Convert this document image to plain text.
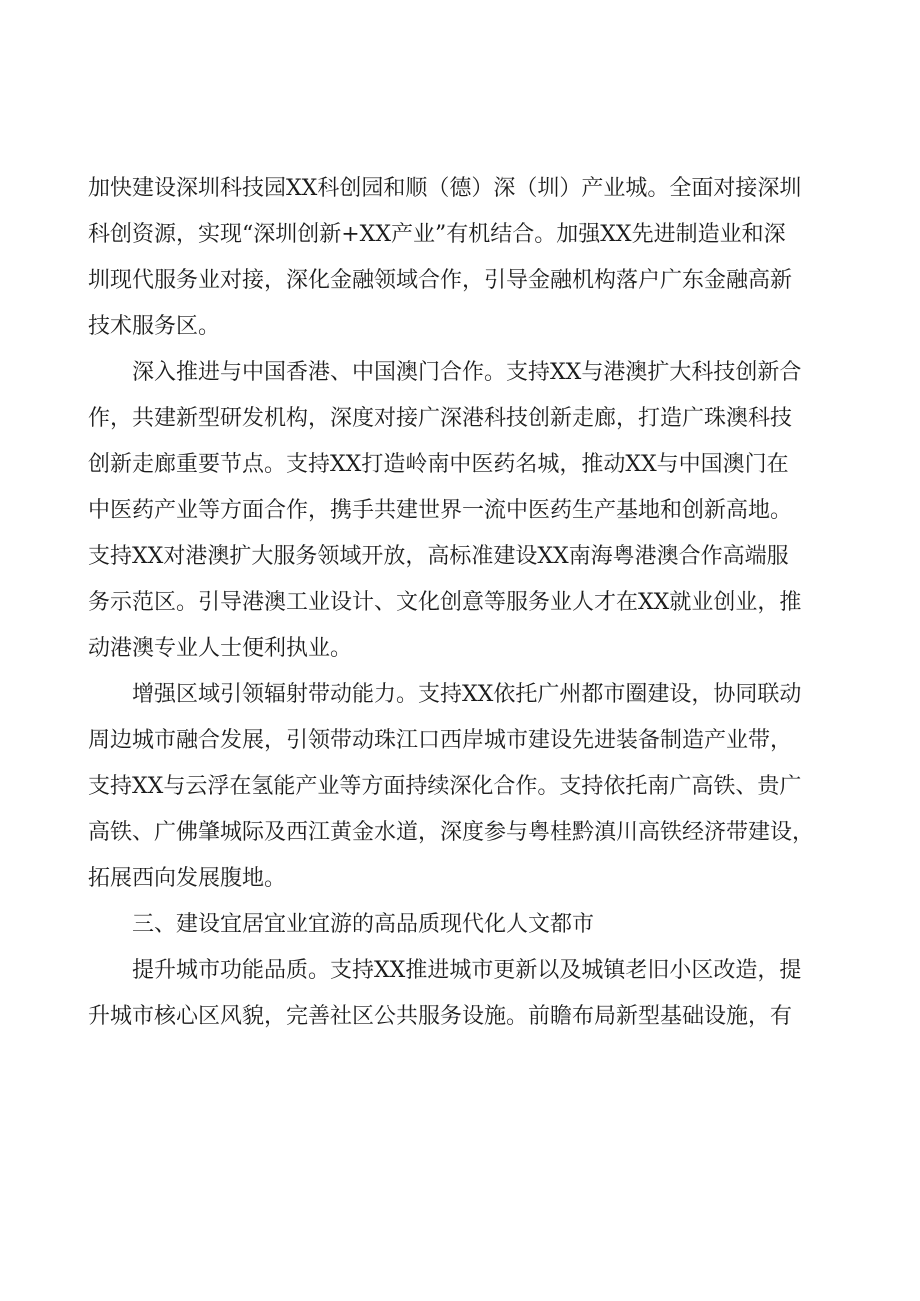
加快建设深圳科技园XX科创园和顺（德）深（圳）产业城。全面对接深圳
科创资源，实现“深圳创新+XX产业”有机结合。加强XX先进制造业和深
圳现代服务业对接，深化金融领域合作，引导金融机构落户广东金融高新
技术服务区。
深入推进与中国香港、中国澳门合作。支持XX与港澳扩大科技创新合
作，共建新型研发机构，深度对接广深港科技创新走廊，打造广珠澳科技
创新走廊重要节点。支持XX打造岭南中医药名城，推动XX与中国澳门在
中医药产业等方面合作，携手共建世界一流中医药生产基地和创新高地。
支持XX对港澳扩大服务领域开放，高标准建设XX南海粤港澳合作高端服
务示范区。引导港澳工业设计、文化创意等服务业人才在XX就业创业，推
动港澳专业人士便利执业。
增强区域引领辐射带动能力。支持XX依托广州都市圈建设，协同联动
周边城市融合发展，引领带动珠江口西岸城市建设先进装备制造产业带，
支持XX与云浮在氢能产业等方面持续深化合作。支持依托南广高铁、贵广
高铁、广佛肇城际及西江黄金水道，深度参与粤桂黔滇川高铁经济带建设，
拓展西向发展腹地。
三、建设宜居宜业宜游的高品质现代化人文都市
提升城市功能品质。支持XX推进城市更新以及城镇老旧小区改造，提
升城市核心区风貌，完善社区公共服务设施。前瞻布局新型基础设施，有
